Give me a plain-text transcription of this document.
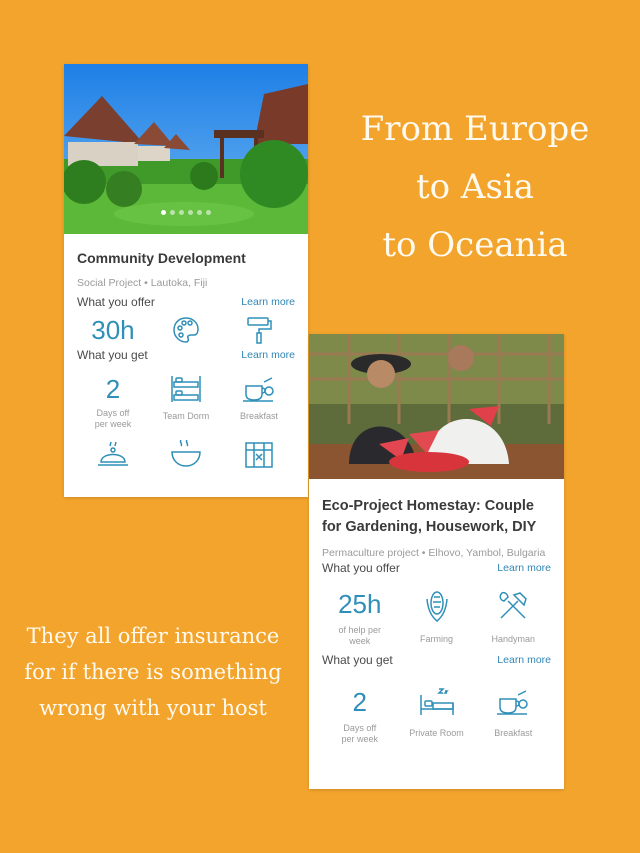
From Europe
to Asia
to Oceania
They all offer insurance
for if there is something
wrong with your host
Community Development
Social Project • Lautoka, Fiji
What you offer	Learn more
30h
What you get	Learn more
2
Days off per week
Team Dorm	Breakfast
Eco-Project Homestay: Couple for Gardening, Housework, DIY
Permaculture project • Elhovo, Yambol, Bulgaria
What you offer	Learn more
25h
of help per week	Farming	Handyman
What you get	Learn more
2
Days off per week
Private Room	Breakfast
